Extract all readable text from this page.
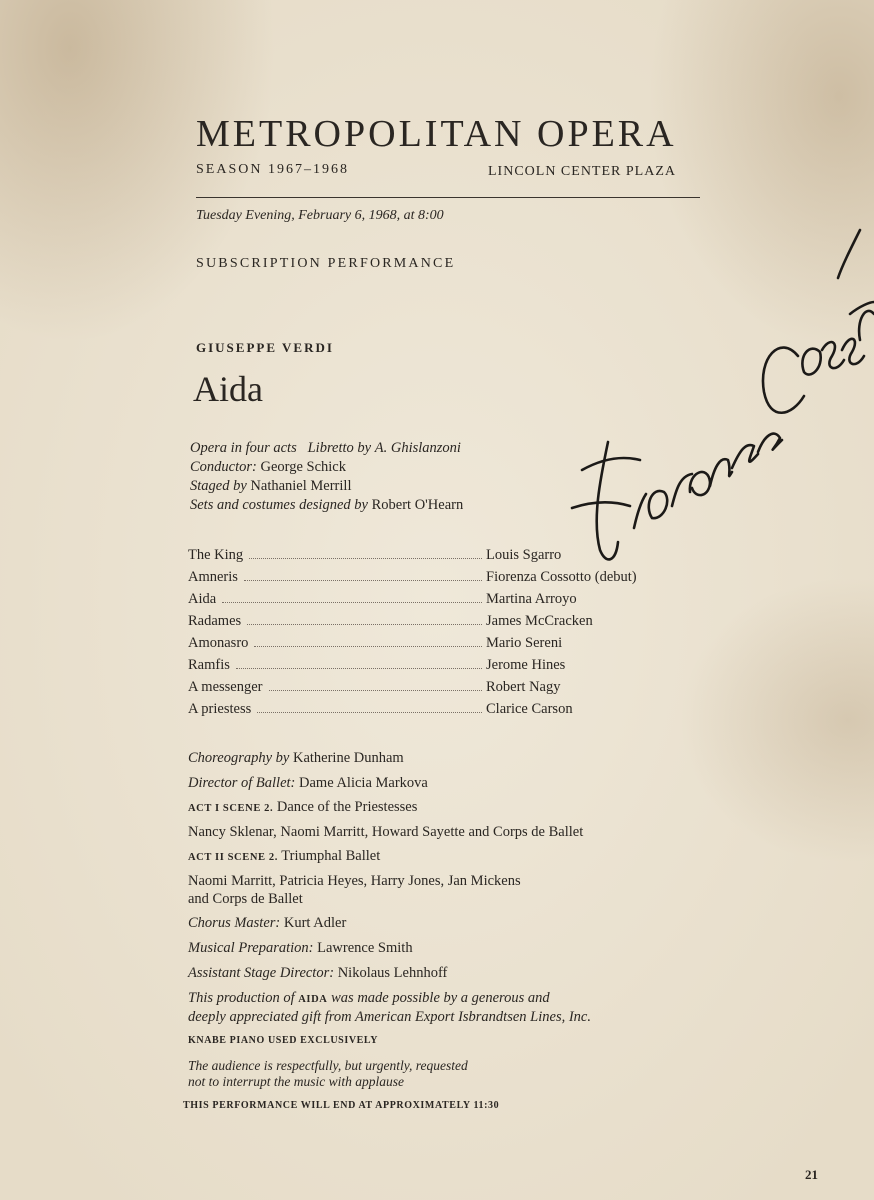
METROPOLITAN OPERA
SEASON 1967–1968	LINCOLN CENTER PLAZA
Tuesday Evening, February 6, 1968, at 8:00
SUBSCRIPTION PERFORMANCE
GIUSEPPE VERDI
Aida
Opera in four acts Libretto by A. Ghislanzoni
Conductor: George Schick
Staged by Nathaniel Merrill
Sets and costumes designed by Robert O'Hearn
The King	Louis Sgarro
Amneris	Fiorenza Cossotto (debut)
Aida	Martina Arroyo
Radames	James McCracken
Amonasro	Mario Sereni
Ramfis	Jerome Hines
A messenger	Robert Nagy
A priestess	Clarice Carson
Choreography by Katherine Dunham
Director of Ballet: Dame Alicia Markova
ACT I SCENE 2. Dance of the Priestesses
Nancy Sklenar, Naomi Marritt, Howard Sayette and Corps de Ballet
ACT II SCENE 2. Triumphal Ballet
Naomi Marritt, Patricia Heyes, Harry Jones, Jan Mickens
and Corps de Ballet
Chorus Master: Kurt Adler
Musical Preparation: Lawrence Smith
Assistant Stage Director: Nikolaus Lehnhoff
This production of AIDA was made possible by a generous and
deeply appreciated gift from American Export Isbrandtsen Lines, Inc.
KNABE PIANO USED EXCLUSIVELY
The audience is respectfully, but urgently, requested
not to interrupt the music with applause
THIS PERFORMANCE WILL END AT APPROXIMATELY 11:30
21
